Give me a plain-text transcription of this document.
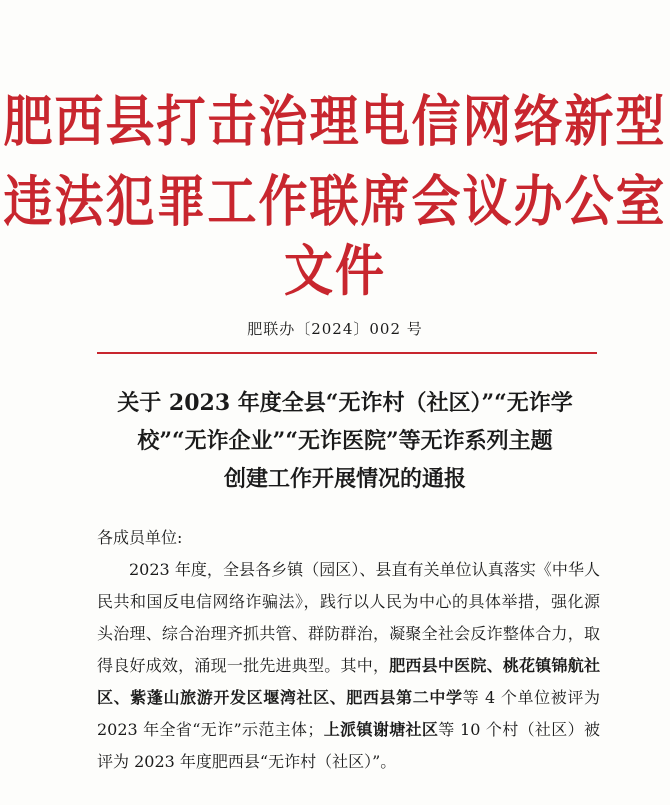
肥西县打击治理电信网络新型
违法犯罪工作联席会议办公室文件
肥联办〔2024〕002 号
关于 2023 年度全县“无诈村（社区）”“无诈学
校”“无诈企业”“无诈医院”等无诈系列主题
创建工作开展情况的通报

各成员单位:

2023 年度，全县各乡镇（园区）、县直有关单位认真落实《中华人民共和国反电信网络诈骗法》，践行以人民为中心的具体举措，强化源头治理、综合治理齐抓共管、群防群治，凝聚全社会反诈整体合力，取得良好成效，涌现一批先进典型。其中，肥西县中医院、桃花镇锦航社区、紫蓬山旅游开发区堰湾社区、肥西县第二中学等 4 个单位被评为 2023 年全省“无诈”示范主体；上派镇谢塘社区等 10 个村（社区）被评为 2023 年度肥西县“无诈村（社区）”。
